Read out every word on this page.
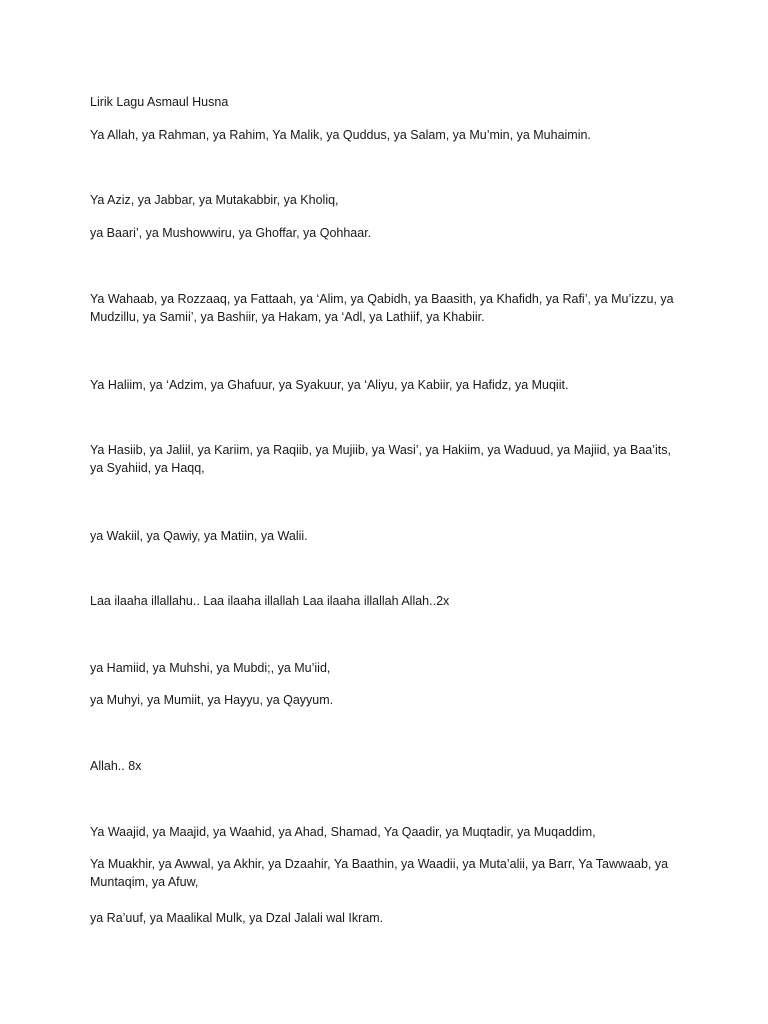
Lirik Lagu Asmaul Husna

Ya Allah, ya Rahman, ya Rahim, Ya Malik, ya Quddus, ya Salam, ya Mu’min, ya Muhaimin.

Ya Aziz, ya Jabbar, ya Mutakabbir, ya Kholiq,

ya Baari’, ya Mushowwiru, ya Ghoffar, ya Qohhaar.

Ya Wahaab, ya Rozzaaq, ya Fattaah, ya ‘Alim, ya Qabidh, ya Baasith, ya Khafidh, ya Rafi’, ya Mu’izzu, ya Mudzillu, ya Samii’, ya Bashiir, ya Hakam, ya ‘Adl, ya Lathiif, ya Khabiir.

Ya Haliim, ya ‘Adzim, ya Ghafuur, ya Syakuur, ya ‘Aliyu, ya Kabiir, ya Hafidz, ya Muqiit.

Ya Hasiib, ya Jaliil, ya Kariim, ya Raqiib, ya Mujiib, ya Wasi’, ya Hakiim, ya Waduud, ya Majiid, ya Baa’its, ya Syahiid, ya Haqq,

ya Wakiil, ya Qawiy, ya Matiin, ya Walii.

Laa ilaaha illallahu.. Laa ilaaha illallah Laa ilaaha illallah Allah..2x

ya Hamiid, ya Muhshi, ya Mubdi;, ya Mu’iid,

ya Muhyi, ya Mumiit, ya Hayyu, ya Qayyum.

Allah.. 8x

Ya Waajid, ya Maajid, ya Waahid, ya Ahad, Shamad, Ya Qaadir, ya Muqtadir, ya Muqaddim,

Ya Muakhir, ya Awwal, ya Akhir, ya Dzaahir, Ya Baathin, ya Waadii, ya Muta’alii, ya Barr, Ya Tawwaab, ya Muntaqim, ya Afuw,

ya Ra’uuf, ya Maalikal Mulk, ya Dzal Jalali wal Ikram.
